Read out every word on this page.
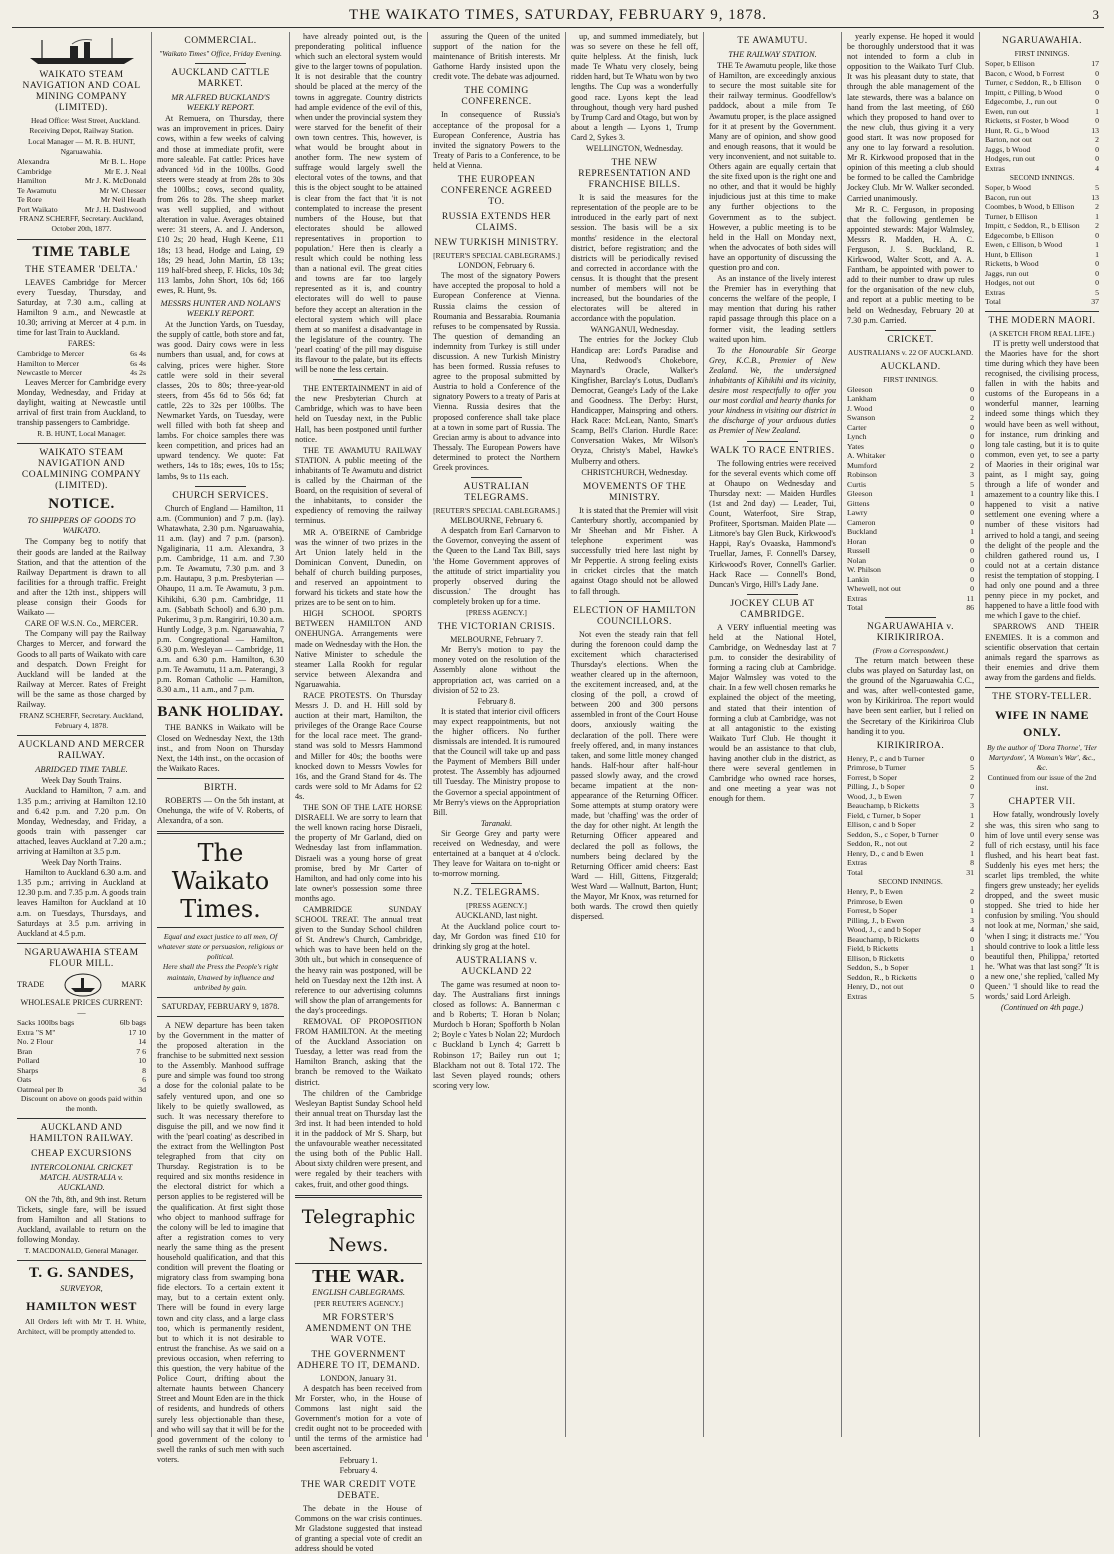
THE WAIKATO TIMES, SATURDAY, FEBRUARY 9, 1878.	3
WAIKATO STEAM NAVIGATION AND COAL MINING COMPANY (LIMITED).

Head Office: West Street, Auckland. Receiving Depot, Railway Station.

Local Manager — M. R. B. HUNT, Ngaruawahia.

Alexandra	Mr B. L. Hope
Cambridge	Mr E. J. Neal
Hamilton	Mr J. K. McDonald
Te Awamutu	Mr W. Chesser
Te Rore	Mr Neil Heath
Port Waikato	Mr J. H. Dashwood

FRANZ SCHERFF, Secretary. Auckland, October 20th, 1877.

TIME TABLE
THE STEAMER 'DELTA.'

LEAVES Cambridge for Mercer every Tuesday, Thursday, and Saturday, at 7.30 a.m., calling at Hamilton 9 a.m., and Newcastle at 10.30; arriving at Mercer at 4 p.m. in time for last Train to Auckland.

FARES:

Cambridge to Mercer	6s 4s
Hamilton to Mercer	6s 4s
Newcastle to Mercer	4s 2s

Leaves Mercer for Cambridge every Monday, Wednesday, and Friday at daylight, waiting at Newcastle until arrival of first train from Auckland, to tranship passengers to Cambridge.

R. B. HUNT, Local Manager.

WAIKATO STEAM NAVIGATION AND COALMINING COMPANY (LIMITED).
NOTICE.
TO SHIPPERS OF GOODS TO WAIKATO.

The Company beg to notify that their goods are landed at the Railway Station, and that the attention of the Railway Department is drawn to all facilities for a through traffic. Freight and after the 12th inst., shippers will please consign their Goods for Waikato —

CARE OF W.S.N. Co., MERCER.

The Company will pay the Railway Charges to Mercer, and forward the Goods to all parts of Waikato with care and despatch. Down Freight for Auckland will be landed at the Railway at Mercer. Rates of Freight will be the same as those charged by Railway.

FRANZ SCHERFF, Secretary. Auckland, February 4, 1878.

AUCKLAND AND MERCER RAILWAY.
ABRIDGED TIME TABLE.

Week Day South Trains.

Auckland to Hamilton, 7 a.m. and 1.35 p.m.; arriving at Hamilton 12.10 and 6.42 p.m. and 7.20 p.m. On Monday, Wednesday, and Friday, a goods train with passenger car attached, leaves Auckland at 7.20 a.m.; arriving at Hamilton at 3.5 p.m.

Week Day North Trains.

Hamilton to Auckland 6.30 a.m. and 1.35 p.m.; arriving in Auckland at 12.30 p.m. and 7.35 p.m. A goods train leaves Hamilton for Auckland at 10 a.m. on Tuesdays, Thursdays, and Saturdays at 3.5 p.m. arriving in Auckland at 4.5 p.m.

NGARUAWAHIA STEAM FLOUR MILL.
TRADE	MARK

WHOLESALE PRICES CURRENT: —

Sacks 100lbs bags	6lb bags
Extra "S M"	17 10
No. 2 Flour	14
Bran	7 6
Pollard	10
Sharps	8
Oats	6
Oatmeal per lb	3d

Discount on above on goods paid within the month.

AUCKLAND AND HAMILTON RAILWAY.
CHEAP EXCURSIONS
INTERCOLONIAL CRICKET MATCH. AUSTRALIA v. AUCKLAND.

ON the 7th, 8th, and 9th inst. Return Tickets, single fare, will be issued from Hamilton and all Stations to Auckland, available to return on the following Monday.

T. MACDONALD, General Manager.

T. G. SANDES,

SURVEYOR,

HAMILTON WEST

All Orders left with Mr T. H. White, Architect, will be promptly attended to.

COMMERCIAL.

"Waikato Times" Office, Friday Evening.

AUCKLAND CATTLE MARKET.
MR ALFRED BUCKLAND'S WEEKLY REPORT.

At Remuera, on Thursday, there was an improvement in prices. Dairy cows, within a few weeks of calving and those at immediate profit, were more saleable. Fat cattle: Prices have advanced ½d in the 100lbs. Good steers were steady at from 28s to 30s the 100lbs.; cows, second quality, from 26s to 28s. The sheep market was well supplied, and without alteration in value. Averages obtained were: 31 steers, A. and J. Anderson, £10 2s; 20 head, Hugh Keene, £11 18s; 13 head, Hodge and Laing, £9 18s; 29 head, John Martin, £8 13s; 119 half-bred sheep, F. Hicks, 10s 3d; 113 lambs, John Short, 10s 6d; 166 ewes, R. Hunt, 9s.

MESSRS HUNTER AND NOLAN'S WEEKLY REPORT.

At the Junction Yards, on Tuesday, the supply of cattle, both store and fat, was good. Dairy cows were in less numbers than usual, and, for cows at calving, prices were higher. Store cattle were sold in their several classes, 20s to 80s; three-year-old steers, from 45s 6d to 56s 6d; fat cattle, 22s to 32s per 100lbs. The Newmarket Yards, on Tuesday, were well filled with both fat sheep and lambs. For choice samples there was keen competition, and prices had an upward tendency. We quote: Fat wethers, 14s to 18s; ewes, 10s to 15s; lambs, 9s to 11s each.

CHURCH SERVICES.

Church of England — Hamilton, 11 a.m. (Communion) and 7 p.m. (lay). Whatawhata, 2.30 p.m. Ngaruawahia, 11 a.m. (lay) and 7 p.m. (parson). Ngaliginaria, 11 a.m. Alexandra, 3 p.m. Cambridge, 11 a.m. and 7.30 p.m. Te Awamutu, 7.30 p.m. and 3 p.m. Hautapu, 3 p.m. Presbyterian — Ohaupo, 11 a.m. Te Awamutu, 3 p.m. Kihikihi, 6.30 p.m. Cambridge, 11 a.m. (Sabbath School) and 6.30 p.m. Pukerimu, 3 p.m. Rangiriri, 10.30 a.m. Huntly Lodge, 3 p.m. Ngaruawahia, 7 p.m. Congregational — Hamilton, 6.30 p.m. Wesleyan — Cambridge, 11 a.m. and 6.30 p.m. Hamilton, 6.30 p.m. Te Awamutu, 11 a.m. Paterangi, 3 p.m. Roman Catholic — Hamilton, 8.30 a.m., 11 a.m., and 7 p.m.

BANK HOLIDAY.

THE BANKS in Waikato will be Closed on Wednesday Next, the 13th inst., and from Noon on Thursday Next, the 14th inst., on the occasion of the Waikato Races.

BIRTH.

ROBERTS — On the 5th instant, at Onehunga, the wife of V. Roberts, of Alexandra, of a son.

The Waikato Times.

Equal and exact justice to all men, Of whatever state or persuasion, religious or political.

Here shall the Press the People's right maintain, Unawed by influence and unbribed by gain.

SATURDAY, FEBRUARY 9, 1878.

A NEW departure has been taken by the Government in the matter of the proposed alteration in the franchise to be submitted next session to the Assembly. Manhood suffrage pure and simple was found too strong a dose for the colonial palate to be safely ventured upon, and one so likely to be quietly swallowed, as such. It was necessary therefore to disguise the pill, and we now find it with the 'pearl coating' as described in the extract from the Wellington Post telegraphed from that city on Thursday. Registration is to be required and six months residence in the electoral district for which a person applies to be registered will be the qualification. At first sight those who object to manhood suffrage for the colony will be led to imagine that after a registration comes to very nearly the same thing as the present household qualification, and that this condition will prevent the floating or migratory class from swamping bona fide electors. To a certain extent it may, but to a certain extent only. There will be found in every large town and city class, and a large class too, which is permanently resident, but to which it is not desirable to entrust the franchise. As we said on a previous occasion, when referring to this question, the very habitue of the Police Court, drifting about the alternate haunts between Chancery Street and Mount Eden are in the thick of residents, and hundreds of others surely less objectionable than these, and who will say that it will be for the good government of the colony to swell the ranks of such men with such voters.

have already pointed out, is the preponderating political influence which such an electoral system would give to the larger towns of population. It is not desirable that the country should be placed at the mercy of the towns in aggregate. Country districts had ample evidence of the evil of this, when under the provincial system they were starved for the benefit of their own town centres. This, however, is what would be brought about in another form. The new system of suffrage would largely swell the electoral votes of the towns, and that this is the object sought to be attained is clear from the fact that 'it is not contemplated to increase the present numbers of the House, but that electorates should be allowed representatives in proportion to population.' Here then is clearly a result which could be nothing less than a national evil. The great cities and towns are far too largely represented as it is, and country electorates will do well to pause before they accept an alteration in the electoral system which will place them at so manifest a disadvantage in the legislature of the country. The 'pearl coating' of the pill may disguise its flavour to the palate, but its effects will be none the less certain.

THE ENTERTAINMENT in aid of the new Presbyterian Church at Cambridge, which was to have been held on Tuesday next, in the Public Hall, has been postponed until further notice.

THE TE AWAMUTU RAILWAY STATION. A public meeting of the inhabitants of Te Awamutu and district is called by the Chairman of the Board, on the requisition of several of the inhabitants, to consider the expediency of removing the railway terminus.

MR A. O'BEIRNE of Cambridge was the winner of two prizes in the Art Union lately held in the Dominican Convent, Dunedin, on behalf of church building purposes, and reserved an appointment to forward his tickets and state how the prizes are to be sent on to him.

HIGH SCHOOL SPORTS BETWEEN HAMILTON AND ONEHUNGA. Arrangements were made on Wednesday with the Hon. the Native Minister to schedule the steamer Lalla Rookh for regular service between Alexandra and Ngaruawahia.

RACE PROTESTS. On Thursday Messrs J. D. and H. Hill sold by auction at their mart, Hamilton, the privileges of the Orange Race Course for the local race meet. The grand-stand was sold to Messrs Hammond and Miller for 40s; the booths were knocked down to Messrs Vowles for 16s, and the Grand Stand for 4s. The cards were sold to Mr Adams for £2 4s.

THE SON OF THE LATE HORSE DISRAELI. We are sorry to learn that the well known racing horse Disraeli, the property of Mr Garland, died on Wednesday last from inflammation. Disraeli was a young horse of great promise, bred by Mr Carter of Hamilton, and had only come into his late owner's possession some three months ago.

CAMBRIDGE SUNDAY SCHOOL TREAT. The annual treat given to the Sunday School children of St. Andrew's Church, Cambridge, which was to have been held on the 30th ult., but which in consequence of the heavy rain was postponed, will be held on Tuesday next the 12th inst. A reference to our advertising columns will show the plan of arrangements for the day's proceedings.

REMOVAL OF PROPOSITION FROM HAMILTON. At the meeting of the Auckland Association on Tuesday, a letter was read from the Hamilton Branch, asking that the branch be removed to the Waikato district.

The children of the Cambridge Wesleyan Baptist Sunday School held their annual treat on Thursday last the 3rd inst. It had been intended to hold it in the paddock of Mr S. Sharp, but the unfavourable weather necessitated the using both of the Public Hall. About sixty children were present, and were regaled by their teachers with cakes, fruit, and other good things.

Telegraphic News.
THE WAR.
ENGLISH CABLEGRAMS.

[PER REUTER'S AGENCY.]

MR FORSTER'S AMENDMENT ON THE WAR VOTE.
THE GOVERNMENT ADHERE TO IT, DEMAND.

LONDON, January 31.

A despatch has been received from Mr Forster, who, in the House of Commons last night said the Government's motion for a vote of credit ought not to be proceeded with until the terms of the armistice had been ascertained.

February 1.

February 4.

THE WAR CREDIT VOTE DEBATE.

The debate in the House of Commons on the war crisis continues. Mr Gladstone suggested that instead of granting a special vote of credit an address should be voted

assuring the Queen of the united support of the nation for the maintenance of British interests. Mr Gathorne Hardy insisted upon the credit vote. The debate was adjourned.

THE COMING CONFERENCE.

In consequence of Russia's acceptance of the proposal for a European Conference, Austria has invited the signatory Powers to the Treaty of Paris to a Conference, to be held at Vienna.

THE EUROPEAN CONFERENCE AGREED TO.
RUSSIA EXTENDS HER CLAIMS.
NEW TURKISH MINISTRY.

[REUTER'S SPECIAL CABLEGRAMS.]

LONDON, February 6.

The most of the signatory Powers have accepted the proposal to hold a European Conference at Vienna. Russia claims the cession of Roumania and Bessarabia. Roumania refuses to be compensated by Russia. The question of demanding an indemnity from Turkey is still under discussion. A new Turkish Ministry has been formed. Russia refuses to agree to the proposal submitted by Austria to hold a Conference of the signatory Powers to a treaty of Paris at Vienna. Russia desires that the proposed conference shall take place at a town in some part of Russia. The Grecian army is about to advance into Thessaly. The European Powers have determined to protect the Northern Greek provinces.

AUSTRALIAN TELEGRAMS.

[REUTER'S SPECIAL CABLEGRAMS.]

MELBOURNE, February 6.

A despatch from Earl Carnarvon to the Governor, conveying the assent of the Queen to the Land Tax Bill, says 'the Home Government approves of the attitude of strict impartiality you properly observed during the discussion.' The drought has completely broken up for a time.

[PRESS AGENCY.]

THE VICTORIAN CRISIS.

MELBOURNE, February 7.

Mr Berry's motion to pay the money voted on the resolution of the Assembly alone without the appropriation act, was carried on a division of 52 to 23.

February 8.

It is stated that interior civil officers may expect reappointments, but not the higher officers. No further dismissals are intended. It is rumoured that the Council will take up and pass the Payment of Members Bill under protest. The Assembly has adjourned till Tuesday. The Ministry propose to the Governor a special appointment of Mr Berry's views on the Appropriation Bill.

Taranaki.

Sir George Grey and party were received on Wednesday, and were entertained at a banquet at 4 o'clock. They leave for Waitara on to-night or to-morrow morning.

N.Z. TELEGRAMS.

[PRESS AGENCY.]

AUCKLAND, last night.

At the Auckland police court to-day, Mr Gordon was fined £10 for drinking sly grog at the hotel.

AUSTRALIANS v. AUCKLAND 22

The game was resumed at noon to-day. The Australians first innings closed as follows: A. Bannerman c and b Roberts; T. Horan b Nolan; Murdoch b Horan; Spofforth b Nolan 2; Boyle c Yates b Nolan 22; Murdoch c Buckland b Lynch 4; Garrett b Robinson 17; Bailey run out 1; Blackham not out 8. Total 172. The last Seven played rounds; others scoring very low.

up, and summed immediately, but was so severe on these he fell off, quite helpless. At the finish, luck made Te Whatu very closely, being ridden hard, but Te Whatu won by two lengths. The Cup was a wonderfully good race. Lyons kept the lead throughout, though very hard pushed by Trump Card and Otago, but won by about a length — Lyons 1, Trump Card 2, Sykes 3.

WELLINGTON, Wednesday.

THE NEW REPRESENTATION AND FRANCHISE BILLS.

It is said the measures for the representation of the people are to be introduced in the early part of next session. The basis will be a six months' residence in the electoral district, before registration; and the districts will be periodically revised and corrected in accordance with the census. It is thought that the present number of members will not be increased, but the boundaries of the electorates will be altered in accordance with the population.

WANGANUI, Wednesday.

The entries for the Jockey Club Handicap are: Lord's Paradise and Una, Redwood's Chokebore, Maynard's Oracle, Walker's Kingfisher, Barclay's Lotus, Dudlam's Democrat, Geange's Lady of the Lake and Goodness. The Derby: Hurst, Handicapper, Mainspring and others. Hack Race: McLean, Nanto, Smart's Scamp, Bell's Clarion. Hurdle Race: Conversation Wakes, Mr Wilson's Oryza, Christy's Mabel, Hawke's Mulberry and others.

CHRISTCHURCH, Wednesday.

MOVEMENTS OF THE MINISTRY.

It is stated that the Premier will visit Canterbury shortly, accompanied by Mr Sheehan and Mr Fisher. A telephone experiment was successfully tried here last night by Mr Peppertie. A strong feeling exists in cricket circles that the match against Otago should not be allowed to fall through.

ELECTION OF HAMILTON COUNCILLORS.

Not even the steady rain that fell during the forenoon could damp the excitement which characterised Thursday's elections. When the weather cleared up in the afternoon, the excitement increased, and, at the closing of the poll, a crowd of between 200 and 300 persons assembled in front of the Court House doors, anxiously waiting the declaration of the poll. There were freely offered, and, in many instances taken, and some little money changed hands. Half-hour after half-hour passed slowly away, and the crowd became impatient at the non-appearance of the Returning Officer. Some attempts at stump oratory were made, but 'chaffing' was the order of the day for other night. At length the Returning Officer appeared and declared the poll as follows, the numbers being declared by the Returning Officer amid cheers: East Ward — Hill, Gittens, Fitzgerald; West Ward — Wallnutt, Barton, Hunt; the Mayor, Mr Knox, was returned for both wards. The crowd then quietly dispersed.

TE AWAMUTU.
THE RAILWAY STATION.

THE Te Awamutu people, like those of Hamilton, are exceedingly anxious to secure the most suitable site for their railway terminus. Goodfellow's paddock, about a mile from Te Awamutu proper, is the place assigned for it at present by the Government. Many are of opinion, and show good and enough reasons, that it would be very inconvenient, and not suitable to. Others again are equally certain that the site fixed upon is the right one and no other, and that it would be highly injudicious just at this time to make any further objections to the Government as to the subject. However, a public meeting is to be held in the Hall on Monday next, when the advocates of both sides will have an opportunity of discussing the question pro and con.

As an instance of the lively interest the Premier has in everything that concerns the welfare of the people, I may mention that during his rather rapid passage through this place on a former visit, the leading settlers waited upon him.

To the Honourable Sir George Grey, K.C.B., Premier of New Zealand. We, the undersigned inhabitants of Kihikihi and its vicinity, desire most respectfully to offer you our most cordial and hearty thanks for your kindness in visiting our district in the discharge of your arduous duties as Premier of New Zealand.

WALK TO RACE ENTRIES.

The following entries were received for the several events which come off at Ohaupo on Wednesday and Thursday next: — Maiden Hurdles (1st and 2nd day) — Leader, Tui, Count, Waterfoot, Sire Strap, Profiteer, Sportsman. Maiden Plate — Litmore's bay Glen Buck, Kirkwood's Happi, Ray's Ovaaska, Hammond's Truellar, James, F. Connell's Darsey, Kirkwood's Rover, Connell's Garlier. Hack Race — Connell's Bond, Duncan's Virgo, Hill's Lady Jane.

JOCKEY CLUB AT CAMBRIDGE.

A VERY influential meeting was held at the National Hotel, Cambridge, on Wednesday last at 7 p.m. to consider the desirability of forming a racing club at Cambridge. Major Walmsley was voted to the chair. In a few well chosen remarks he explained the object of the meeting, and stated that their intention of forming a club at Cambridge, was not at all antagonistic to the existing Waikato Turf Club. He thought it would be an assistance to that club, having another club in the district, as there were several gentlemen in Cambridge who owned race horses, and one meeting a year was not enough for them.

yearly expense. He hoped it would be thoroughly understood that it was not intended to form a club in opposition to the Waikato Turf Club. It was his pleasant duty to state, that through the able management of the late stewards, there was a balance on hand from the last meeting, of £60 which they proposed to hand over to the new club, thus giving it a very good start. It was now proposed for any one to lay forward a resolution. Mr R. Kirkwood proposed that in the opinion of this meeting a club should be formed to be called the Cambridge Jockey Club. Mr W. Walker seconded. Carried unanimously.

Mr R. C. Ferguson, in proposing that the following gentlemen be appointed stewards: Major Walmsley, Messrs R. Madden, H. A. C. Ferguson, J. S. Buckland, R. Kirkwood, Walter Scott, and A. A. Fantham, be appointed with power to add to their number to draw up rules for the organisation of the new club, and report at a public meeting to be held on Wednesday, February 20 at 7.30 p.m. Carried.

CRICKET.

AUSTRALIANS v. 22 OF AUCKLAND.

AUCKLAND.

FIRST INNINGS.

Gleeson	0
Lankham	0
J. Wood	0
Swanson	2
Carter	0
Lynch	0
Yates	0
A. Whitaker	0
Mumford	2
Robinson	3
Curtis	5
Gleeson	1
Gittens	0
Lawry	0
Cameron	0
Buckland	1
Horan	0
Russell	0
Nolan	0
W. Philson	0
Lankin	0
Whewell, not out	0
Extras	11
Total	86
NGARUAWAHIA v. KIRIKIRIROA.

(From a Correspondent.)

The return match between these clubs was played on Saturday last, on the ground of the Ngaruawahia C.C., and was, after well-contested game, won by Kirikiriroa. The report would have been sent earlier, but I relied on the Secretary of the Kirikiriroa Club handing it to you.

KIRIKIRIROA.
Henry, P., c and b Turner	0
Primrose, b Turner	5
Forrest, b Soper	2
Pilling, J., b Soper	0
Wood, J., b Ewen	7
Beauchamp, b Ricketts	3
Field, c Turner, b Soper	1
Ellison, c and b Soper	2
Seddon, S., c Soper, b Turner	0
Seddon, R., not out	2
Henry, D., c and b Ewen	1
Extras	8
Total	31

SECOND INNINGS.

Henry, P., b Ewen	2
Primrose, b Ewen	0
Forrest, b Soper	1
Pilling, J., b Ewen	3
Wood, J., c and b Soper	4
Beauchamp, b Ricketts	0
Field, b Ricketts	1
Ellison, b Ricketts	0
Seddon, S., b Soper	1
Seddon, R., b Ricketts	0
Henry, D., not out	0
Extras	5
NGARUAWAHIA.

FIRST INNINGS.

Soper, b Ellison	17
Bacon, c Wood, b Forrest	0
Turner, c Seddon, R., b Ellison	0
Impitt, c Pilling, b Wood	0
Edgecombe, J., run out	0
Ewen, run out	1
Ricketts, st Foster, b Wood	0
Hunt, R. G., b Wood	13
Barton, not out	2
Jaggs, b Wood	0
Hodges, run out	0
Extras	4

SECOND INNINGS.

Soper, b Wood	5
Bacon, run out	13
Coombes, b Wood, b Ellison	2
Turner, b Ellison	1
Impitt, c Seddon, R., b Ellison	2
Edgecombe, b Ellison	0
Ewen, c Ellison, b Wood	1
Hunt, b Ellison	1
Ricketts, b Wood	0
Jaggs, run out	0
Hodges, not out	0
Extras	5
Total	37
THE MODERN MAORI.

(A SKETCH FROM REAL LIFE.)

IT is pretty well understood that the Maories have for the short time during which they have been recognised, the civilising process, fallen in with the habits and customs of the Europeans in a wonderful manner, learning indeed some things which they would have been as well without, for instance, rum drinking and long tale casting, but it is to quite common, even yet, to see a party of Maories in their original war paint, as I might say, going through a life of wonder and amazement to a country like this. I happened to visit a native settlement one evening where a number of these visitors had arrived to hold a tangi, and seeing the delight of the people and the children gathered round us, I could not at a certain distance resist the temptation of stopping. I had only one pound and a three penny piece in my pocket, and happened to have a little food with me which I gave to the chief.

SPARROWS AND THEIR ENEMIES. It is a common and scientific observation that certain animals regard the sparrows as their enemies and drive them away from the gardens and fields.

THE STORY-TELLER.
WIFE IN NAME ONLY.

By the author of 'Dora Thorne', 'Her Martyrdom', 'A Woman's War', &c., &c.

Continued from our issue of the 2nd inst.

CHAPTER VII.

How fatally, wondrously lovely she was, this siren who sang to him of love until every sense was full of rich ecstasy, until his face flushed, and his heart beat fast. Suddenly his eyes met hers; the scarlet lips trembled, the white fingers grew unsteady; her eyelids dropped, and the sweet music stopped. She tried to hide her confusion by smiling. 'You should not look at me, Norman,' she said, 'when I sing; it distracts me.' 'You should contrive to look a little less beautiful then, Philippa,' retorted he. 'What was that last song?' 'It is a new one,' she replied, 'called My Queen.' 'I should like to read the words,' said Lord Arleigh.

(Continued on 4th page.)
